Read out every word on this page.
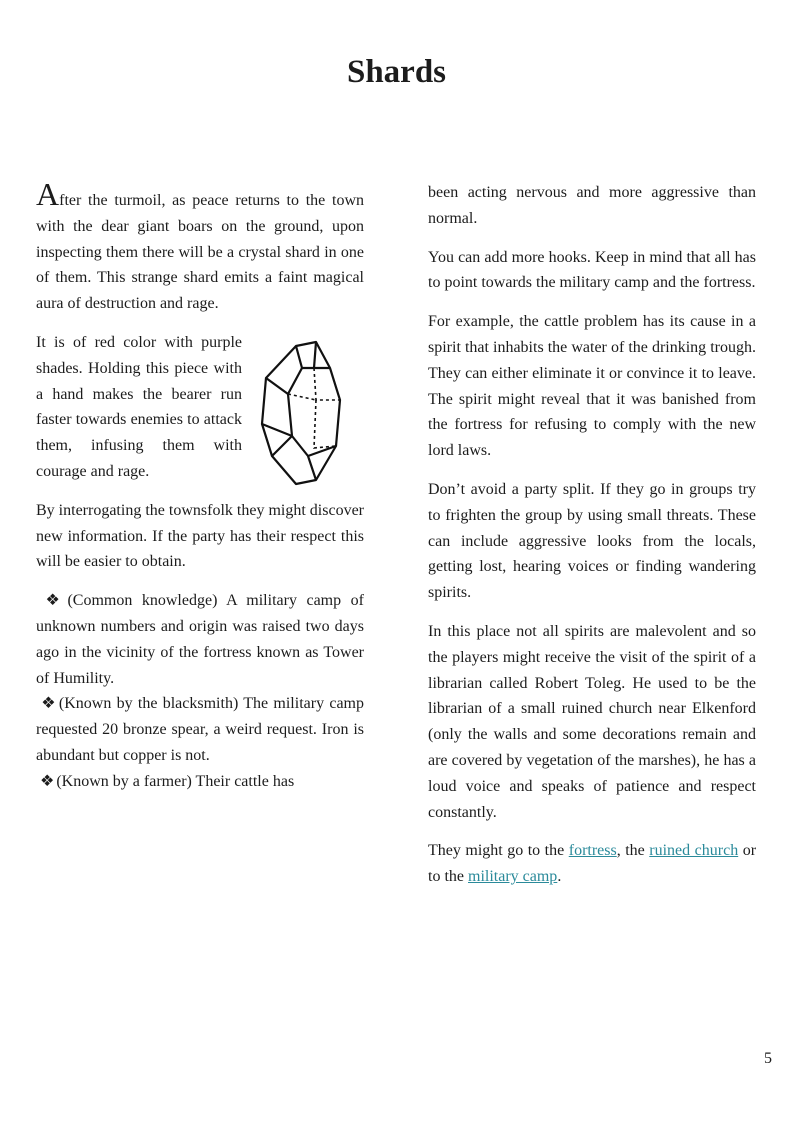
Shards

After the turmoil, as peace returns to the town with the dear giant boars on the ground, upon inspecting them there will be a crystal shard in one of them. This strange shard emits a faint magical aura of destruction and rage.

It is of red color with purple shades. Holding this piece with a hand makes the bearer run faster towards enemies to attack them, infusing them with courage and rage.

By interrogating the townsfolk they might discover new information. If the party has their respect this will be easier to obtain.

❖ (Common knowledge) A military camp of unknown numbers and origin was raised two days ago in the vicinity of the fortress known as Tower of Humility.

❖ (Known by the blacksmith) The military camp requested 20 bronze spear, a weird request. Iron is abundant but copper is not.

❖ (Known by a farmer) Their cattle has

been acting nervous and more aggressive than normal.

You can add more hooks. Keep in mind that all has to point towards the military camp and the fortress.

For example, the cattle problem has its cause in a spirit that inhabits the water of the drinking trough. They can either eliminate it or convince it to leave. The spirit might reveal that it was banished from the fortress for refusing to comply with the new lord laws.

Don’t avoid a party split. If they go in groups try to frighten the group by using small threats. These can include aggressive looks from the locals, getting lost, hearing voices or finding wandering spirits.

In this place not all spirits are malevolent and so the players might receive the visit of the spirit of a librarian called Robert Toleg. He used to be the librarian of a small ruined church near Elkenford (only the walls and some decorations remain and are covered by vegetation of the marshes), he has a loud voice and speaks of patience and respect constantly.

They might go to the fortress, the ruined church or to the military camp.

5
